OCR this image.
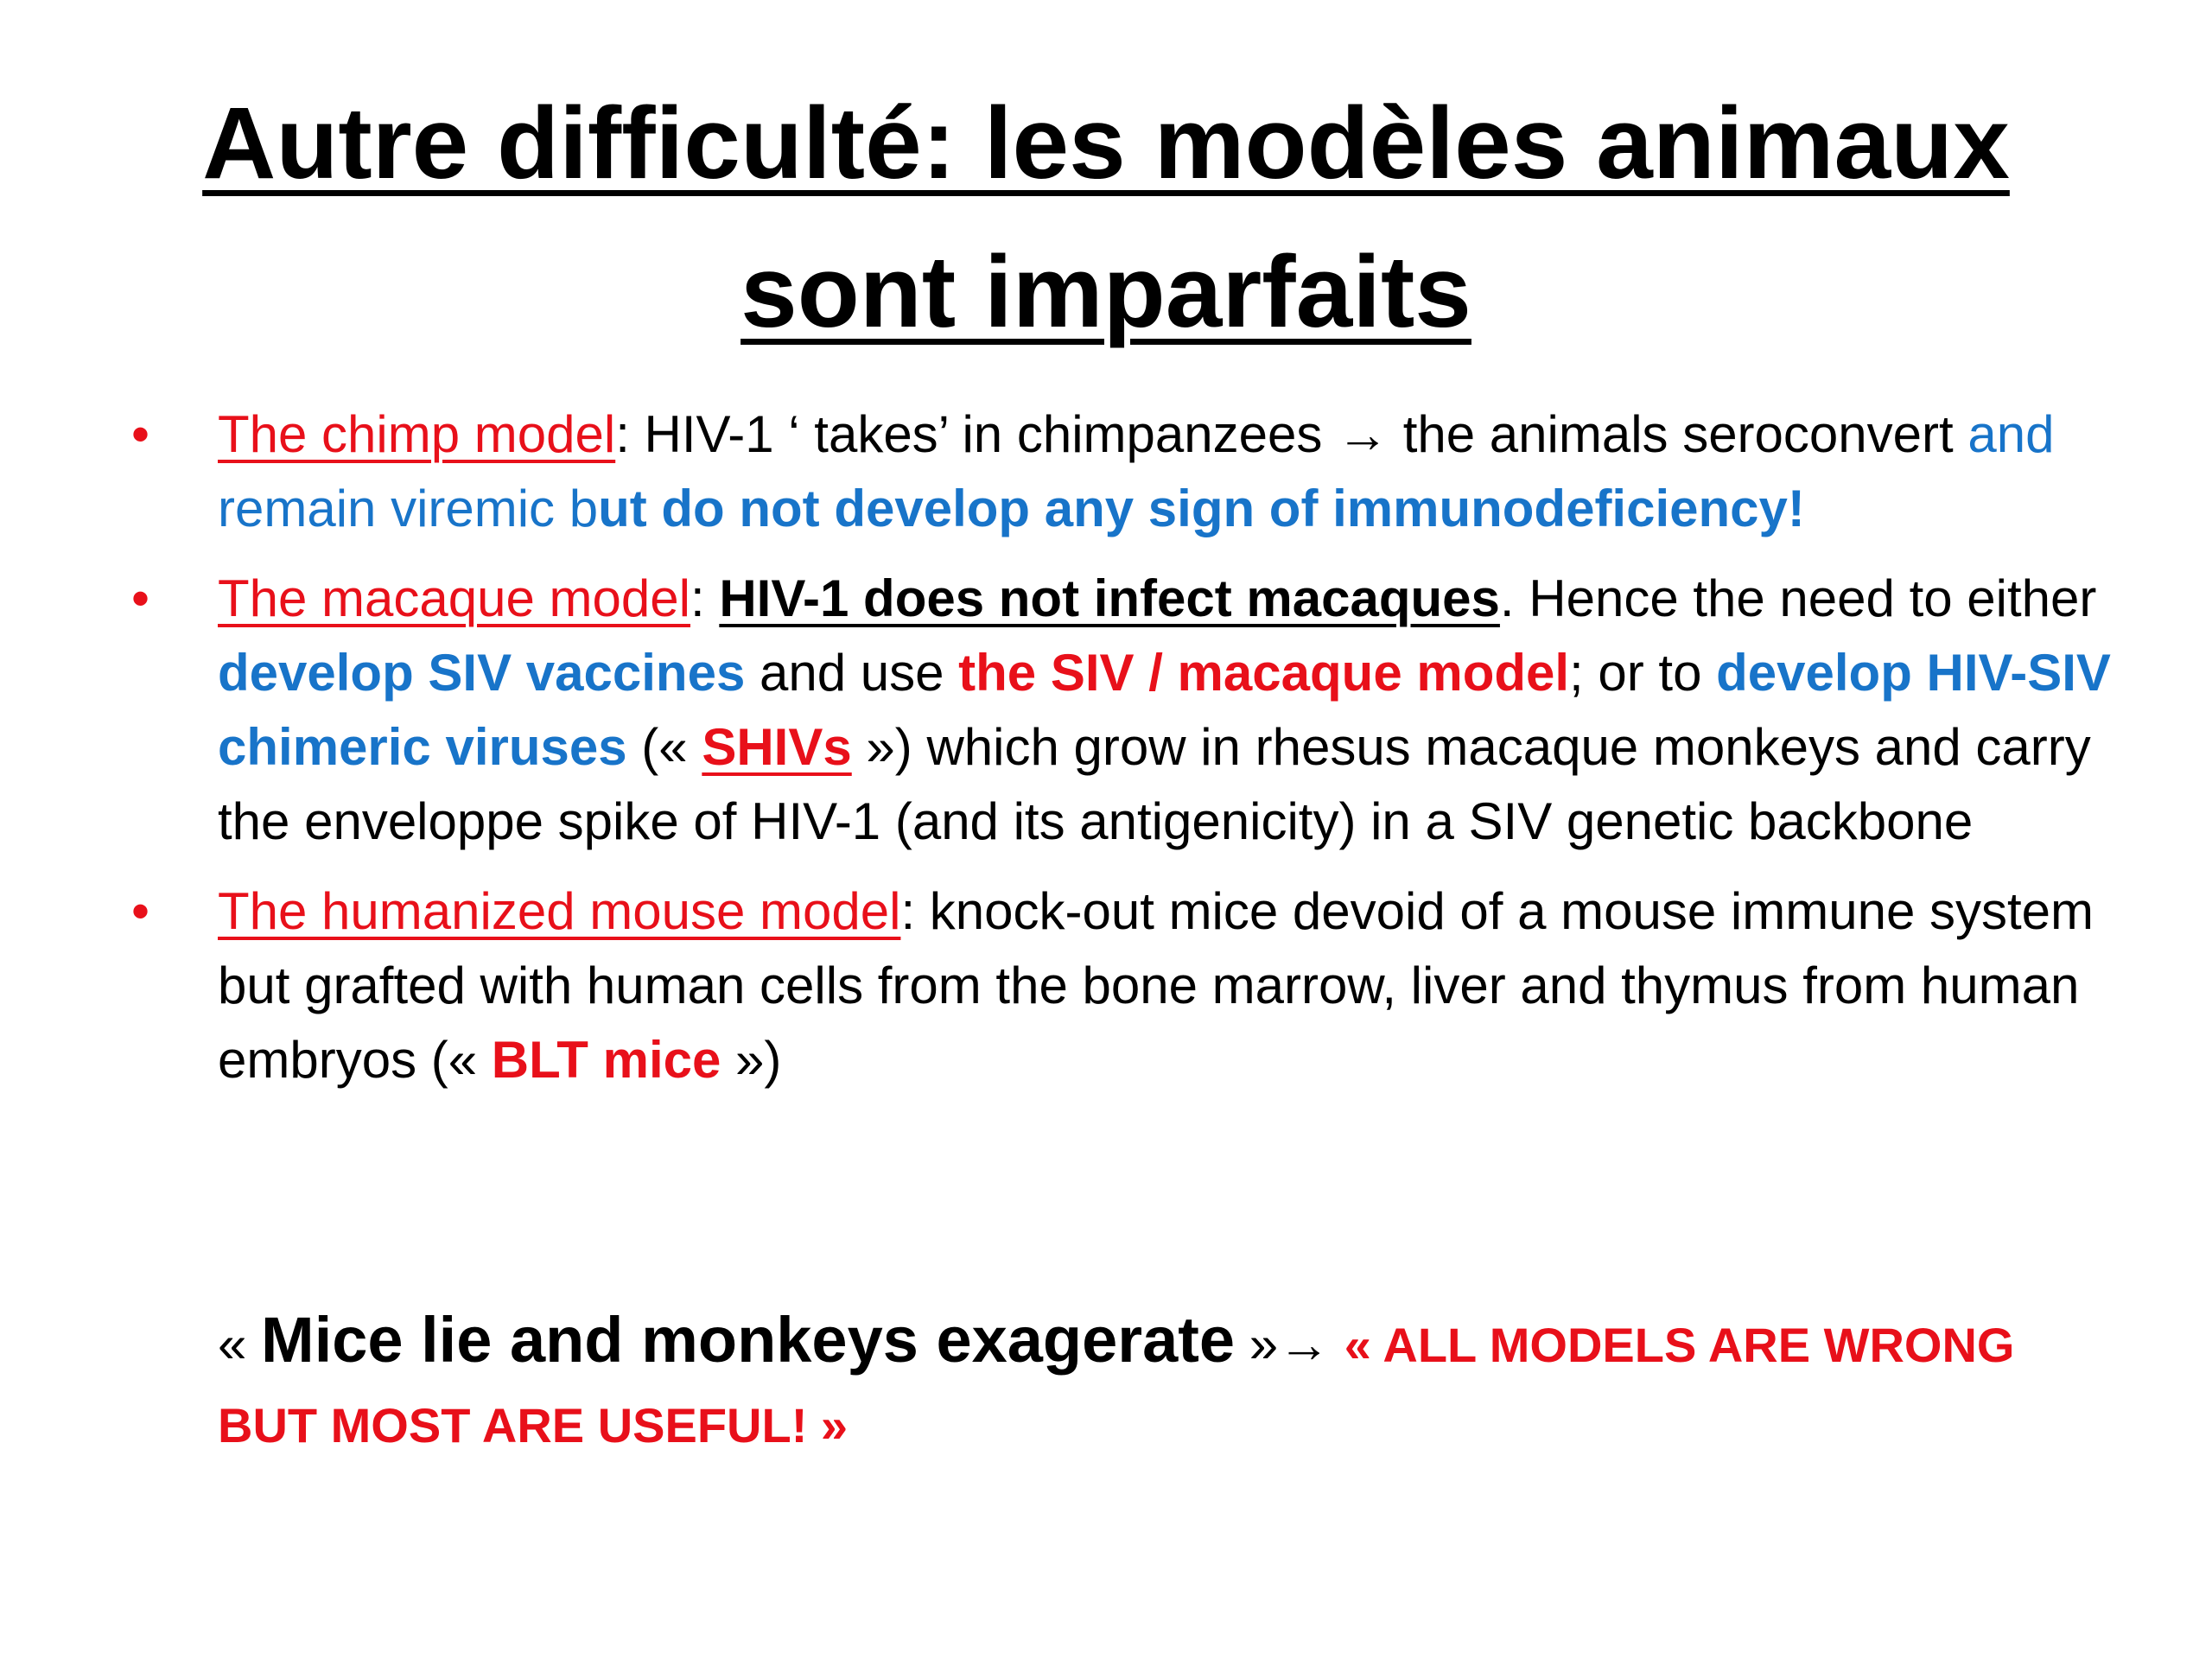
Autre difficulté: les modèles animaux
sont imparfaits
• The chimp model: HIV-1 ‘ takes’ in chimpanzees → the animals seroconvert and remain viremic but do not develop any sign of immunodeficiency!
• The macaque model: HIV-1 does not infect macaques. Hence the need to either develop SIV vaccines and use the SIV / macaque model; or to develop HIV-SIV chimeric viruses (« SHIVs ») which grow in rhesus macaque monkeys and carry the enveloppe spike of HIV-1 (and its antigenicity) in a SIV genetic backbone
• The humanized mouse model: knock-out mice devoid of a mouse immune system but grafted with human cells from the bone marrow, liver and thymus from human embryos (« BLT mice »)
« Mice lie and monkeys exagerate »→ « ALL MODELS ARE WRONG BUT MOST ARE USEFUL! »
